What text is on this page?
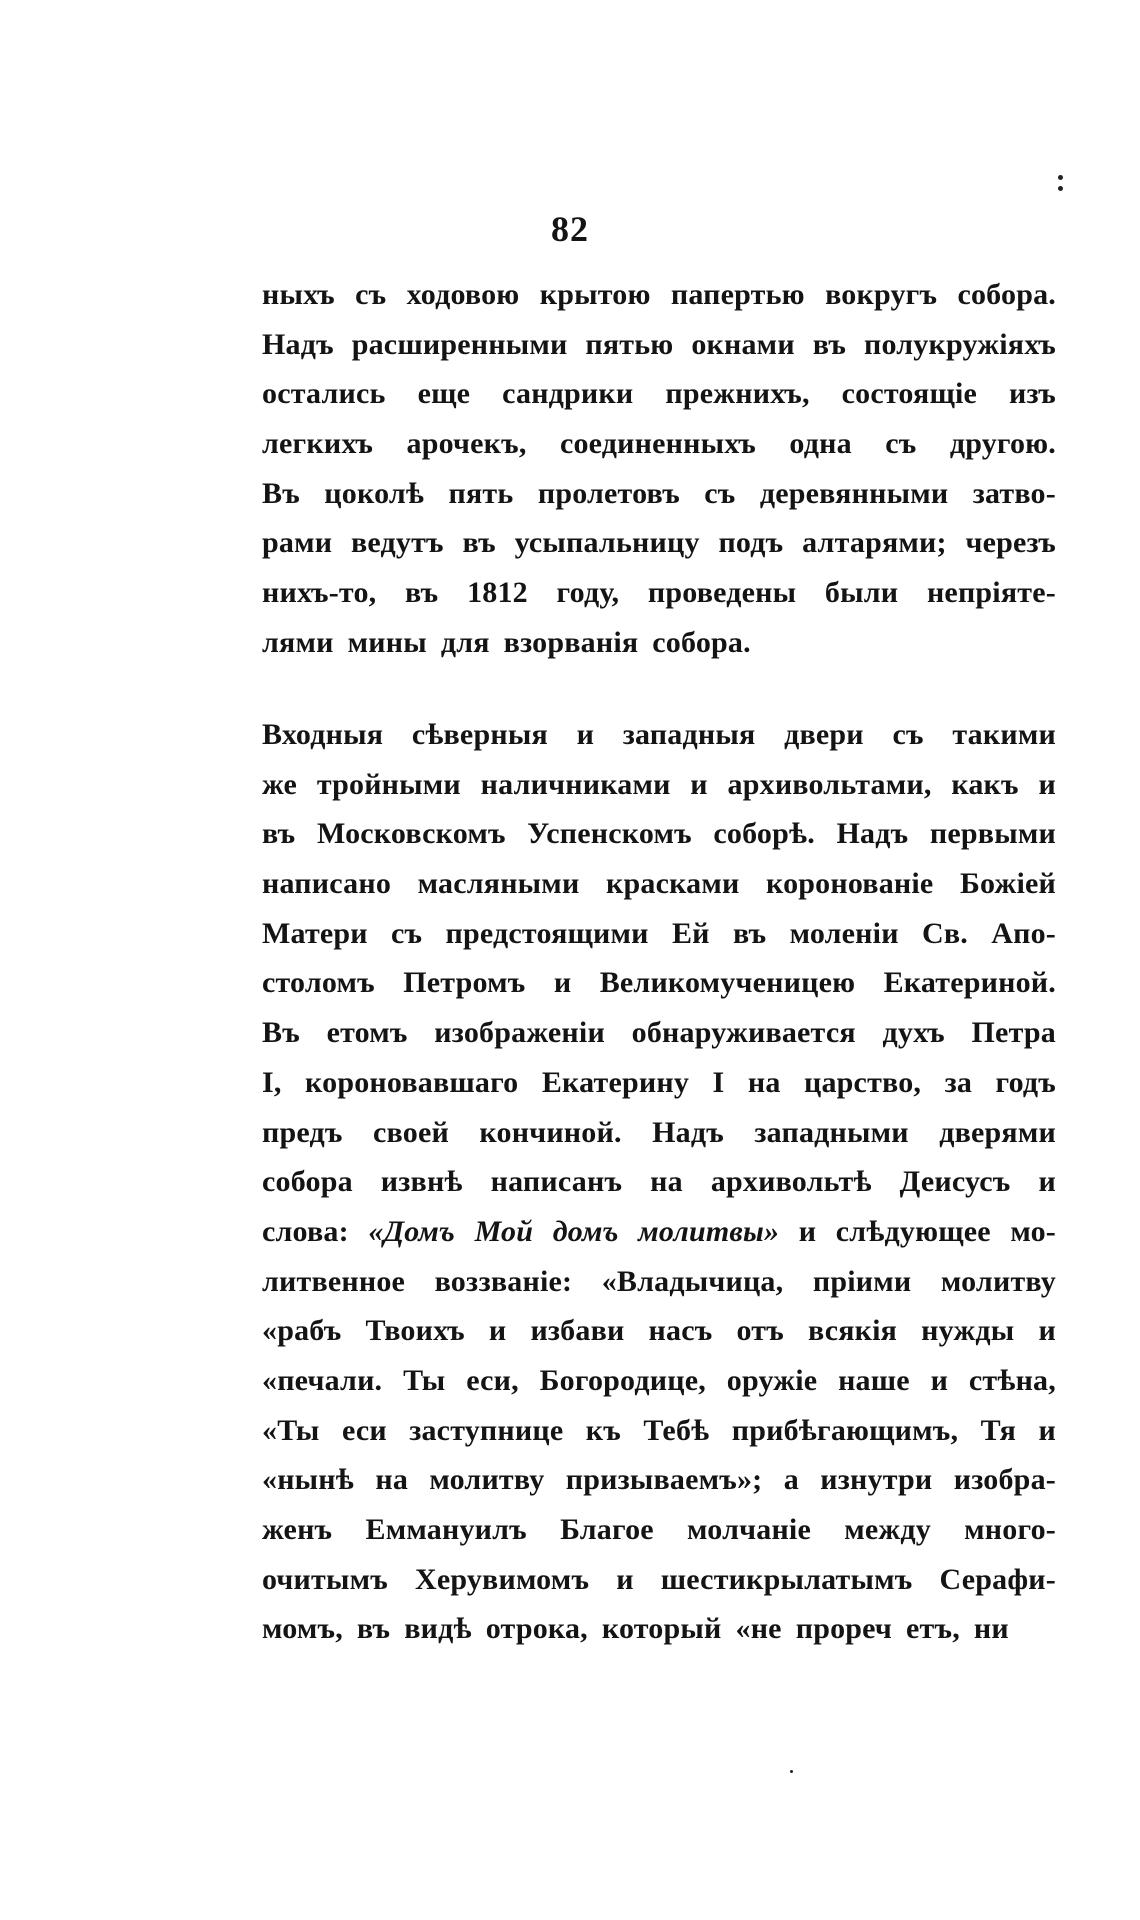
82
ныхъ съ ходовою крытою папертью вокругъ собора.
Надъ расширенными пятью окнами въ полукружіяхъ
остались еще сандрики прежнихъ, состоящіе изъ
легкихъ арочекъ, соединенныхъ одна съ другою.
Въ цоколѣ пять пролетовъ съ деревянными затво-
рами ведутъ въ усыпальницу подъ алтарями; черезъ
нихъ-то, въ 1812 году, проведены были непріяте-
лями мины для взорванія собора.
Входныя сѣверныя и западныя двери съ такими
же тройными наличниками и архивольтами, какъ и
въ Московскомъ Успенскомъ соборѣ. Надъ первыми
написано масляными красками коронованіе Божіей
Матери съ предстоящими Ей въ моленіи Св. Апо-
столомъ Петромъ и Великомученицею Екатериной.
Въ етомъ изображеніи обнаруживается духъ Петра
I, короновавшаго Екатерину I на царство, за годъ
предъ своей кончиной. Надъ западными дверями
собора извнѣ написанъ на архивольтѣ Деисусъ и
слова: «Домъ Мой домъ молитвы» и слѣдующее мо-
литвенное воззваніе: «Владычица, пріими молитву
«рабъ Твоихъ и избави насъ отъ всякія нужды и
«печали. Ты еси, Богородице, оружіе наше и стѣна,
«Ты еси заступнице къ Тебѣ прибѣгающимъ, Тя и
«нынѣ на молитву призываемъ»; а изнутри изобра-
женъ Еммануилъ Благое молчаніе между много-
очитымъ Херувимомъ и шестикрылатымъ Серафи-
момъ, въ видѣ отрока, который «не прореч етъ, ни
